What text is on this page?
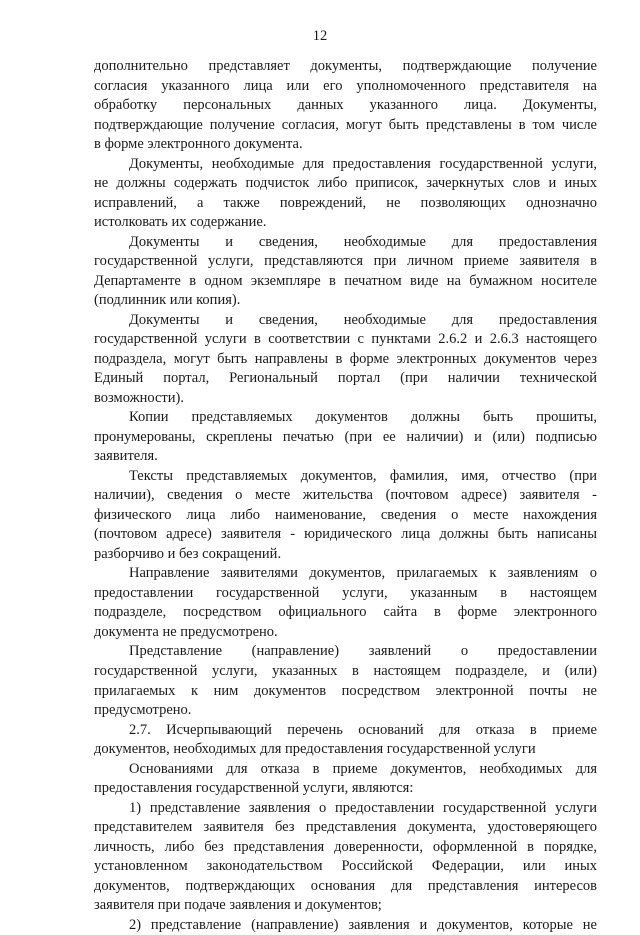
12
дополнительно представляет документы, подтверждающие получение
согласия указанного лица или его уполномоченного представителя на
обработку персональных данных указанного лица. Документы,
подтверждающие получение согласия, могут быть представлены в том числе
в форме электронного документа.
Документы, необходимые для предоставления государственной услуги,
не должны содержать подчисток либо приписок, зачеркнутых слов и иных
исправлений, а также повреждений, не позволяющих однозначно
истолковать их содержание.
Документы и сведения, необходимые для предоставления
государственной услуги, представляются при личном приеме заявителя в
Департаменте в одном экземпляре в печатном виде на бумажном носителе
(подлинник или копия).
Документы и сведения, необходимые для предоставления
государственной услуги в соответствии с пунктами 2.6.2 и 2.6.3 настоящего
подраздела, могут быть направлены в форме электронных документов через
Единый портал, Региональный портал (при наличии технической
возможности).
Копии представляемых документов должны быть прошиты,
пронумерованы, скреплены печатью (при ее наличии) и (или) подписью
заявителя.
Тексты представляемых документов, фамилия, имя, отчество (при
наличии), сведения о месте жительства (почтовом адресе) заявителя -
физического лица либо наименование, сведения о месте нахождения
(почтовом адресе) заявителя - юридического лица должны быть написаны
разборчиво и без сокращений.
Направление заявителями документов, прилагаемых к заявлениям о
предоставлении государственной услуги, указанным в настоящем
подразделе, посредством официального сайта в форме электронного
документа не предусмотрено.
Представление (направление) заявлений о предоставлении
государственной услуги, указанных в настоящем подразделе, и (или)
прилагаемых к ним документов посредством электронной почты не
предусмотрено.
2.7. Исчерпывающий перечень оснований для отказа в приеме
документов, необходимых для предоставления государственной услуги
Основаниями для отказа в приеме документов, необходимых для
предоставления государственной услуги, являются:
1) представление заявления о предоставлении государственной услуги
представителем заявителя без представления документа, удостоверяющего
личность, либо без представления доверенности, оформленной в порядке,
установленном законодательством Российской Федерации, или иных
документов, подтверждающих основания для представления интересов
заявителя при подаче заявления и документов;
2) представление (направление) заявления и документов, которые не
